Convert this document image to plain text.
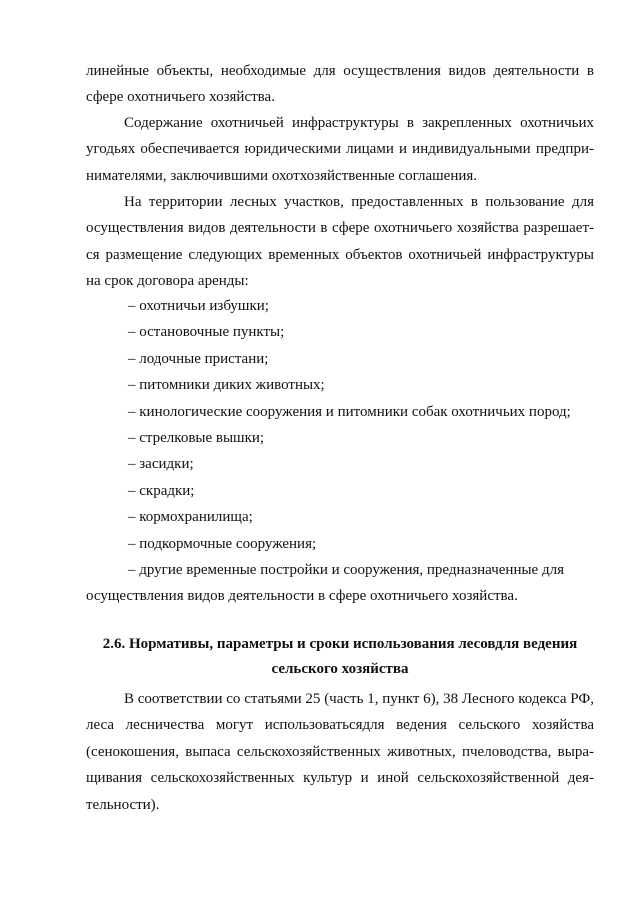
линейные объекты, необходимые для осуществления видов деятельности в сфере охотничьего хозяйства.

Содержание охотничьей инфраструктуры в закрепленных охотничьих угодьях обеспечивается юридическими лицами и индивидуальными предпринимателями, заключившими охотхозяйственные соглашения.

На территории лесных участков, предоставленных в пользование для осуществления видов деятельности в сфере охотничьего хозяйства разрешается размещение следующих временных объектов охотничьей инфраструктуры на срок договора аренды:

– охотничьи избушки;
– остановочные пункты;
– лодочные пристани;
– питомники диких животных;
– кинологические сооружения и питомники собак охотничьих пород;
– стрелковые вышки;
– засидки;
– скрадки;
– кормохранилища;
– подкормочные сооружения;

– другие временные постройки и сооружения, предназначенные для осуществления видов деятельности в сфере охотничьего хозяйства.

2.6. Нормативы, параметры и сроки использования лесовдля ведения сельского хозяйства

В соответствии со статьями 25 (часть 1, пункт 6), 38 Лесного кодекса РФ, леса лесничества могут использоватьсядля ведения сельского хозяйства (сенокошения, выпаса сельскохозяйственных животных, пчеловодства, выращивания сельскохозяйственных культур и иной сельскохозяйственной деятельности).
